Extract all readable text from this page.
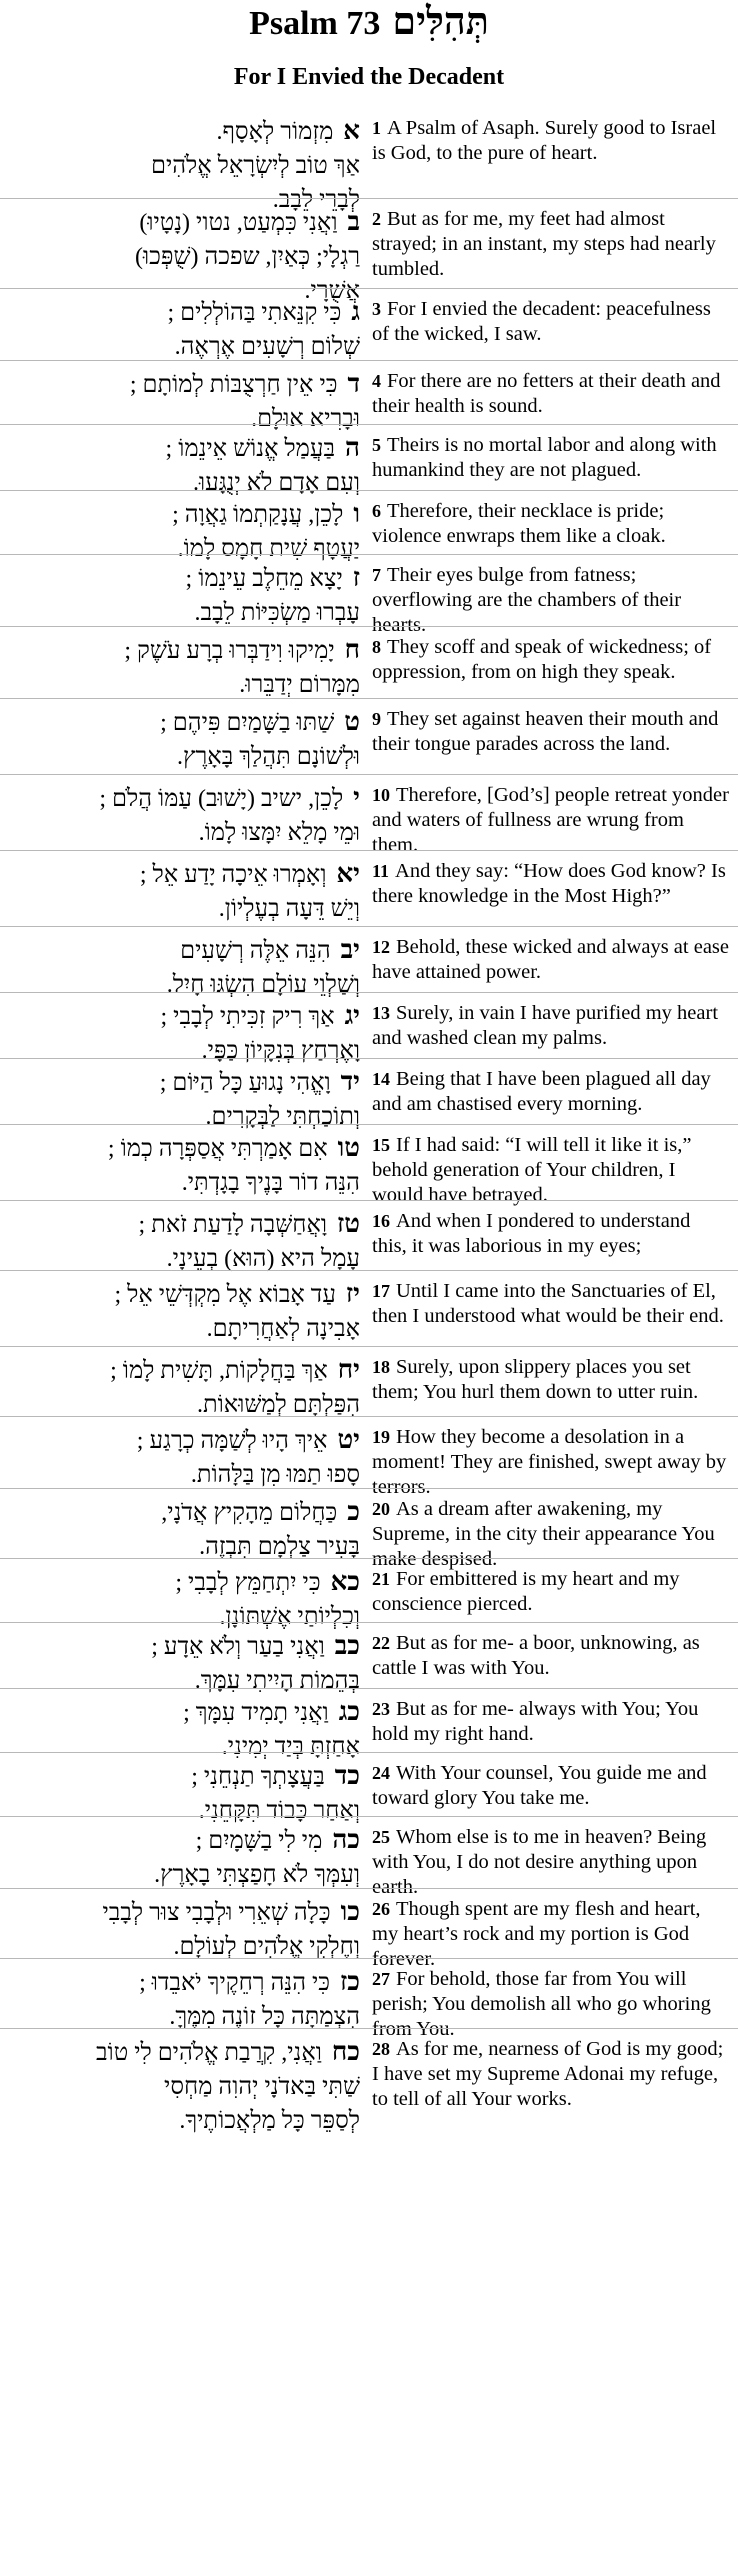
Psalm 73 תְּהִלִּים
For I Envied the Decadent
אמִזְמוֹר לְאָסָף.
אַךְ טוֹב לְיִשְׂרָאֵל אֱלֹהִים
לְבָרֵי לֵבָב.
1 A Psalm of Asaph. Surely good to Israel is God, to the pure of heart.
בוַאֲנִי כִּמְעַט, נטוי (נָטָיוּ)
רַגְלָי; כְּאַיִן, שפכה (שֻׁפְּכוּ)
אֲשֻׁרָי.
2 But as for me, my feet had almost strayed; in an instant, my steps had nearly tumbled.
גכִּי קִנֵּאתִי בַּהוֹלְלִים ;
שְׁלוֹם רְשָׁעִים אֶרְאֶה.
3 For I envied the decadent: peacefulness of the wicked, I saw.
דכִּי אֵין חַרְצֻבּוֹת לְמוֹתָם ;
וּבָרִיא אוּלָם.
4 For there are no fetters at their death and their health is sound.
הבַּעֲמַל אֱנוֹשׁ אֵינֵמוֹ ;
וְעִם אָדָם לֹא יְנֻגָּעוּ.
5 Theirs is no mortal labor and along with humankind they are not plagued.
ולָכֵן, עֲנָקַתְמוֹ גַאֲוָה ;
יַעֲטָף שִׁית חָמָס לָמוֹ.
6 Therefore, their necklace is pride; violence enwraps them like a cloak.
זיָצָא מֵחֵלֶב עֵינֵמוֹ ;
עָבְרוּ מַשְׂכִּיּוֹת לֵבָב.
7 Their eyes bulge from fatness; overflowing are the chambers of their hearts.
חיָמִיקוּ וִידַבְּרוּ בְרָע עֹשֶׁק ;
מִמָּרוֹם יְדַבֵּרוּ.
8 They scoff and speak of wickedness; of oppression, from on high they speak.
טשַׁתּוּ בַשָּׁמַיִם פִּיהֶם ;
וּלְשׁוֹנָם תִּהֲלַךְ בָּאָרֶץ.
9 They set against heaven their mouth and their tongue parades across the land.
ילָכֵן, ישיב (יָשׁוּב) עַמּוֹ הֲלֹם ;
וּמֵי מָלֵא יִמָּצוּ לָמוֹ.
10 Therefore, [God’s] people retreat yonder and waters of fullness are wrung from them.
יאוְאָמְרוּ אֵיכָה יָדַע אֵל ;
וְיֵשׁ דֵּעָה בְעֶלְיוֹן.
11 And they say: “How does God know? Is there knowledge in the Most High?”
יבהִנֵּה אֵלֶּה רְשָׁעִים
וְשַׁלְוֵי עוֹלָם הִשְׂגּוּ חָיִל.
12 Behold, these wicked and always at ease have attained power.
יגאַךְ רִיק זִכִּיתִי לְבָבִי ;
וָאֶרְחַץ בְּנִקָּיוֹן כַּפָּי.
13 Surely, in vain I have purified my heart and washed clean my palms.
ידוָאֱהִי נָגוּעַ כָּל הַיּוֹם ;
וְתוֹכַחְתִּי לַבְּקָרִים.
14 Being that I have been plagued all day and am chastised every morning.
טואִם אָמַרְתִּי אֲסַפְּרָה כְמוֹ ;
הִנֵּה דוֹר בָּנֶיךָ בָגָדְתִּי.
15 If I had said: “I will tell it like it is,” behold generation of Your children, I would have betrayed.
טזוָאֲחַשְּׁבָה לָדַעַת זֹאת ;
עָמָל היא (הוּא) בְעֵינָי.
16 And when I pondered to understand this, it was laborious in my eyes;
יזעַד אָבוֹא אֶל מִקְדְּשֵׁי אֵל ;
אָבִינָה לְאַחֲרִיתָם.
17 Until I came into the Sanctuaries of El, then I understood what would be their end.
יחאַךְ בַּחֲלָקוֹת, תָּשִׁית לָמוֹ ;
הִפַּלְתָּם לְמַשּׁוּאוֹת.
18 Surely, upon slippery places you set them; You hurl them down to utter ruin.
יטאֵיךְ הָיוּ לְשַׁמָּה כְרָגַע ;
סָפוּ תַמּוּ מִן בַּלָּהוֹת.
19 How they become a desolation in a moment! They are finished, swept away by terrors.
ככַּחֲלוֹם מֵהָקִיץ אֲדֹנָי,
בָּעִיר צַלְמָם תִּבְזֶה.
20 As a dream after awakening, my Supreme, in the city their appearance You make despised.
כאכִּי יִתְחַמֵּץ לְבָבִי ;
וְכִלְיוֹתַי אֶשְׁתּוֹנָן.
21 For embittered is my heart and my conscience pierced.
כבוַאֲנִי בַעַר וְלֹא אֵדָע ;
בְּהֵמוֹת הָיִיתִי עִמָּךְ.
22 But as for me- a boor, unknowing, as cattle I was with You.
כגוַאֲנִי תָמִיד עִמָּךְ ;
אָחַזְתָּ בְּיַד יְמִינִי.
23 But as for me- always with You; You hold my right hand.
כדבַּעֲצָתְךָ תַנְחֵנִי ;
וְאַחַר כָּבוֹד תִּקָּחֵנִי.
24 With Your counsel, You guide me and toward glory You take me.
כהמִי לִי בַשָּׁמָיִם ;
וְעִמְּךָ לֹא חָפַצְתִּי בָאָרֶץ.
25 Whom else is to me in heaven? Being with You, I do not desire anything upon earth.
כוכָּלָה שְׁאֵרִי וּלְבָבִי צוּר לְבָבִי
וְחֶלְקִי אֱלֹהִים לְעוֹלָם.
26 Though spent are my flesh and heart, my heart’s rock and my portion is God forever.
כזכִּי הִנֵּה רְחֵקֶיךָ יֹאבֵדוּ ;
הִצְמַתָּה כָּל זוֹנֶה מִמֶּךָּ.
27 For behold, those far from You will perish; You demolish all who go whoring from You.
כחוַאֲנִי, קִרֲבַת אֱלֹהִים לִי טוֹב
שַׁתִּי בַּאדֹנָי יְהוִה מַחְסִי
לְסַפֵּר כָּל מַלְאֲכוֹתֶיךָ.
28 As for me, nearness of God is my good; I have set my Supreme Adonai my refuge, to tell of all Your works.
